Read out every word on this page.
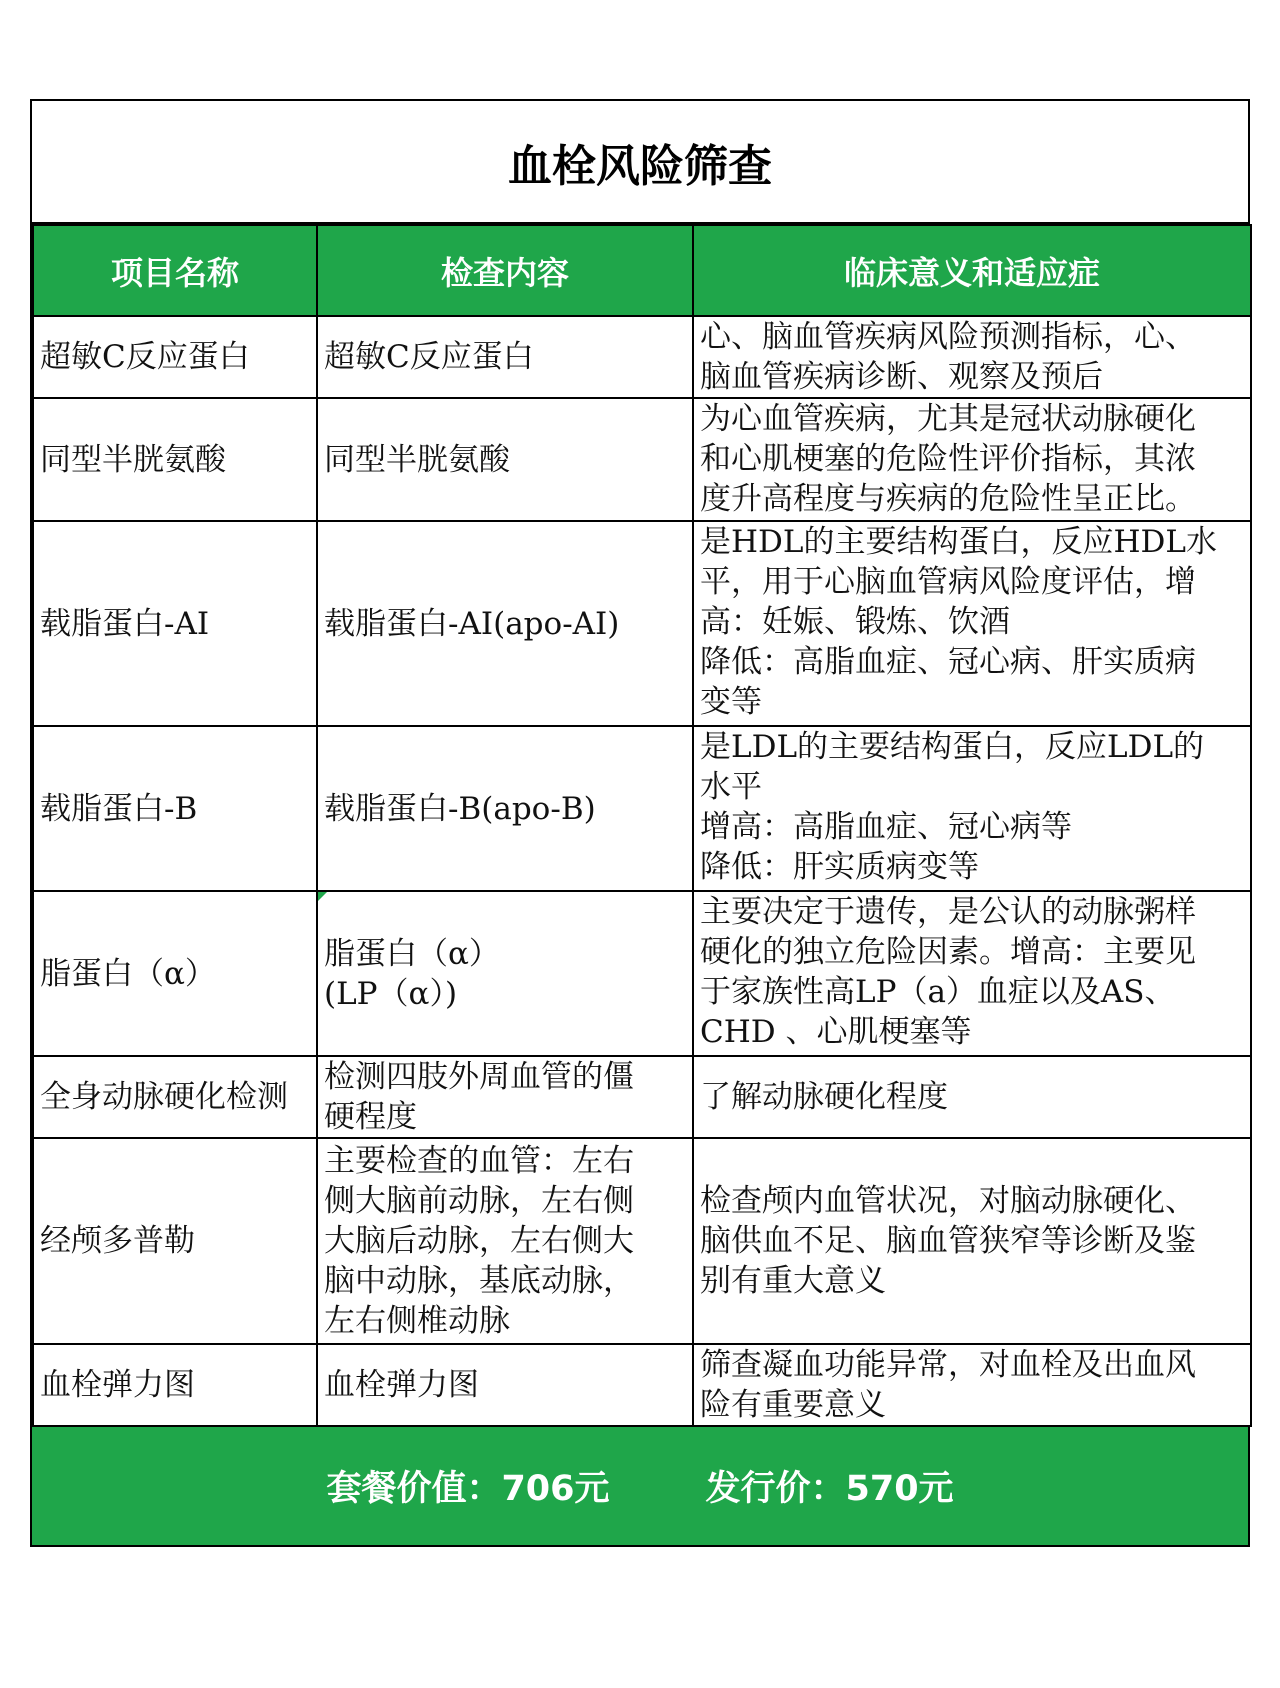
血栓风险筛查
项目名称	检查内容	临床意义和适应症
超敏C反应蛋白	超敏C反应蛋白	心、脑血管疾病风险预测指标，心、
脑血管疾病诊断、观察及预后
同型半胱氨酸	同型半胱氨酸	为心血管疾病，尤其是冠状动脉硬化
和心肌梗塞的危险性评价指标，其浓
度升高程度与疾病的危险性呈正比。
载脂蛋白-AI	载脂蛋白-AI(apo-AI)	是HDL的主要结构蛋白，反应HDL水
平，用于心脑血管病风险度评估，增
高：妊娠、锻炼、饮酒
降低：高脂血症、冠心病、肝实质病
变等
载脂蛋白-B	载脂蛋白-B(apo-B)	是LDL的主要结构蛋白，反应LDL的
水平
增高：高脂血症、冠心病等
降低：肝实质病变等
脂蛋白（α）	脂蛋白（α）
(LP（α）)	主要决定于遗传，是公认的动脉粥样
硬化的独立危险因素。增高：主要见
于家族性高LP（a）血症以及AS、
CHD 、心肌梗塞等
全身动脉硬化检测	检测四肢外周血管的僵
硬程度	了解动脉硬化程度
经颅多普勒	主要检查的血管：左右
侧大脑前动脉，左右侧
大脑后动脉，左右侧大
脑中动脉，基底动脉，
左右侧椎动脉	检查颅内血管状况，对脑动脉硬化、
脑供血不足、脑血管狭窄等诊断及鉴
别有重大意义
血栓弹力图	血栓弹力图	筛查凝血功能异常，对血栓及出血风
险有重要意义
套餐价值：706元	发行价：570元
